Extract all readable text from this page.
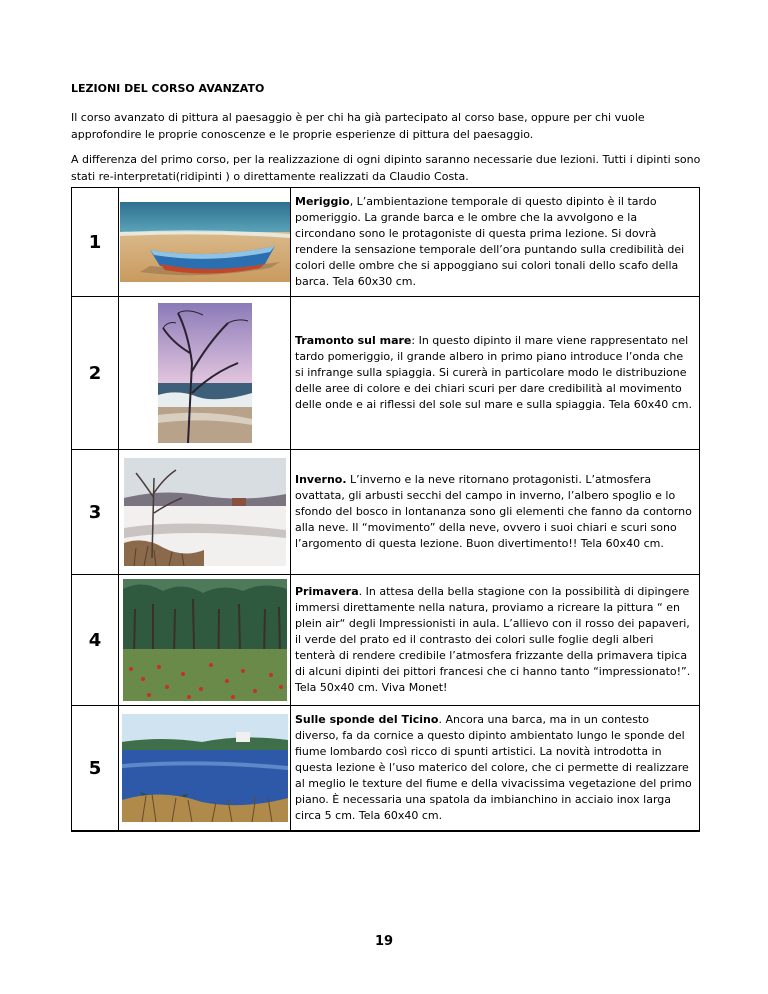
LEZIONI DEL CORSO AVANZATO
Il corso avanzato di pittura al paesaggio è per chi ha già partecipato al corso base, oppure per chi vuole approfondire le proprie conoscenze e le proprie esperienze di pittura del paesaggio.
A differenza del primo corso, per la realizzazione di ogni dipinto saranno necessarie due lezioni. Tutti i dipinti sono stati re-interpretati(ridipinti ) o direttamente realizzati da Claudio Costa.
1		Meriggio, L’ambientazione temporale di questo dipinto è il tardo pomeriggio. La grande barca e le ombre che la avvolgono e la circondano sono le protagoniste di questa prima lezione. Si dovrà rendere la sensazione temporale dell’ora puntando sulla credibilità dei colori delle ombre che si appoggiano sui colori tonali dello scafo della barca. Tela 60x30 cm.

2		Tramonto sul mare: In questo dipinto il mare viene rappresentato nel tardo pomeriggio, il grande albero in primo piano introduce l’onda che si infrange sulla spiaggia. Si curerà in particolare modo le distribuzione delle aree di colore e dei chiari scuri per dare credibilità al movimento delle onde e ai riflessi del sole sul mare e sulla spiaggia. Tela 60x40 cm.

3		Inverno. L’inverno e la neve ritornano protagonisti. L’atmosfera ovattata, gli arbusti secchi del campo in inverno, l’albero spoglio e lo sfondo del bosco in lontananza sono gli elementi che fanno da contorno alla neve. Il “movimento” della neve, ovvero i suoi chiari e scuri sono l’argomento di questa lezione. Buon divertimento!! Tela 60x40 cm.

4		Primavera. In attesa della bella stagione con la possibilità di dipingere immersi direttamente nella natura, proviamo a ricreare la pittura “ en plein air“ degli Impressionisti in aula. L’allievo con il rosso dei papaveri, il verde del prato ed il contrasto dei colori sulle foglie degli alberi tenterà di rendere credibile l’atmosfera frizzante della primavera tipica di alcuni dipinti dei pittori francesi che ci hanno tanto “impressionato!”. Tela 50x40 cm. Viva Monet!

5		Sulle sponde del Ticino. Ancora una barca, ma in un contesto diverso, fa da cornice a questo dipinto ambientato lungo le sponde del fiume lombardo così ricco di spunti artistici. La novità introdotta in questa lezione è l’uso materico del colore, che ci permette di realizzare al meglio le texture del fiume e della vivacissima vegetazione del primo piano. È necessaria una spatola da imbianchino in acciaio inox larga circa 5 cm. Tela 60x40 cm.
19
